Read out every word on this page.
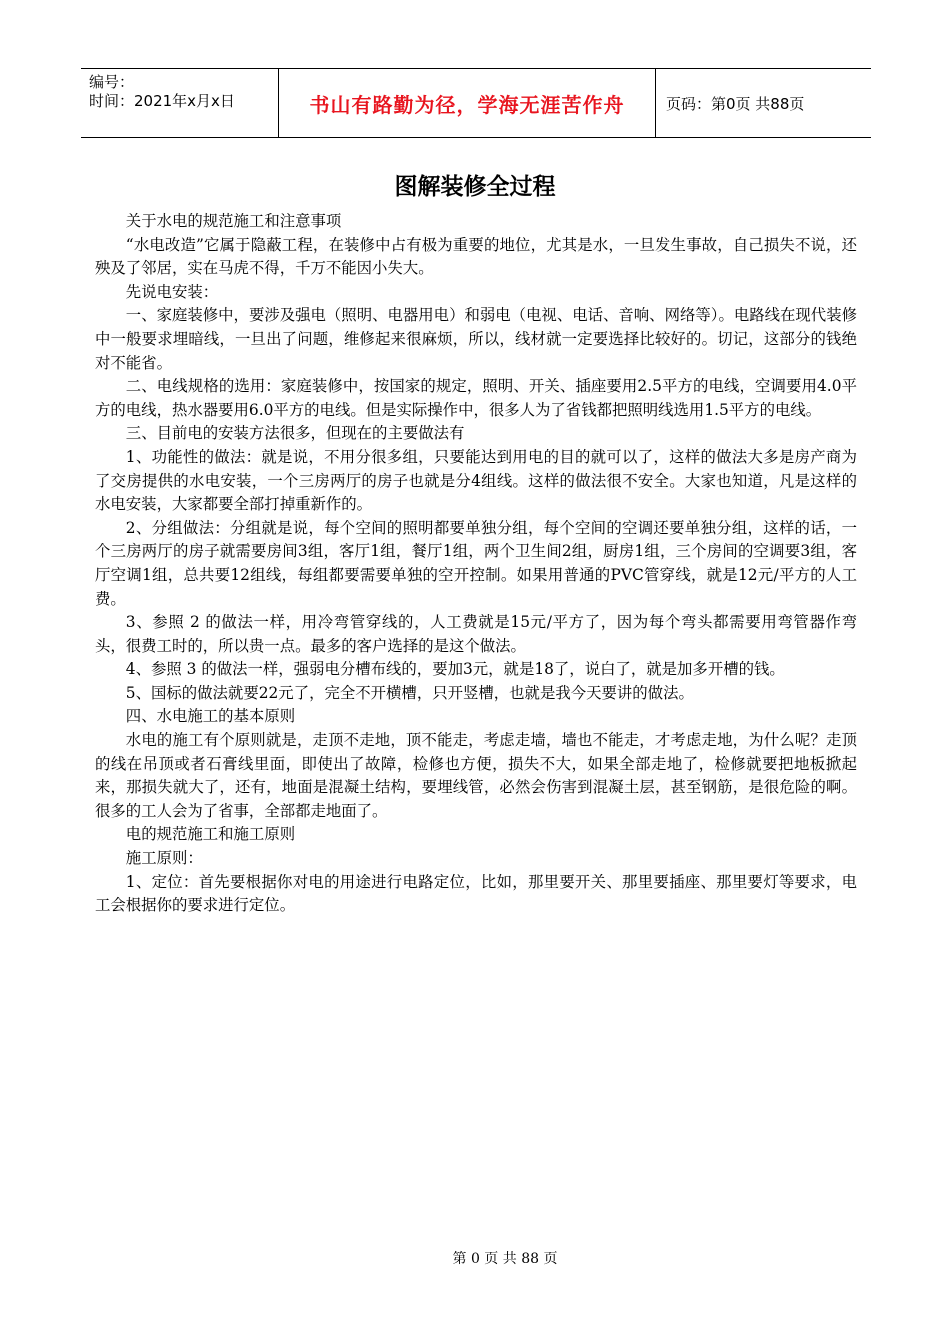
编号：
时间：2021年x月x日	书山有路勤为径，学海无涯苦作舟	页码：第0页 共88页
图解装修全过程

关于水电的规范施工和注意事项

“水电改造”它属于隐蔽工程，在装修中占有极为重要的地位，尤其是水，一旦发生事故，自己损失不说，还殃及了邻居，实在马虎不得，千万不能因小失大。

先说电安装：

一、家庭装修中，要涉及强电（照明、电器用电）和弱电（电视、电话、音响、网络等）。电路线在现代装修中一般要求埋暗线，一旦出了问题，维修起来很麻烦，所以，线材就一定要选择比较好的。切记，这部分的钱绝对不能省。

二、电线规格的选用：家庭装修中，按国家的规定，照明、开关、插座要用2.5平方的电线，空调要用4.0平方的电线，热水器要用6.0平方的电线。但是实际操作中，很多人为了省钱都把照明线选用1.5平方的电线。

三、目前电的安装方法很多，但现在的主要做法有

1、功能性的做法：就是说，不用分很多组，只要能达到用电的目的就可以了，这样的做法大多是房产商为了交房提供的水电安装，一个三房两厅的房子也就是分4组线。这样的做法很不安全。大家也知道，凡是这样的水电安装，大家都要全部打掉重新作的。

2、分组做法：分组就是说，每个空间的照明都要单独分组，每个空间的空调还要单独分组，这样的话，一个三房两厅的房子就需要房间3组，客厅1组，餐厅1组，两个卫生间2组，厨房1组，三个房间的空调要3组，客厅空调1组，总共要12组线，每组都要需要单独的空开控制。如果用普通的PVC管穿线，就是12元/平方的人工费。

3、参照 2 的做法一样，用冷弯管穿线的，人工费就是15元/平方了，因为每个弯头都需要用弯管器作弯头，很费工时的，所以贵一点。最多的客户选择的是这个做法。

4、参照 3 的做法一样，强弱电分槽布线的，要加3元，就是18了，说白了，就是加多开槽的钱。

5、国标的做法就要22元了，完全不开横槽，只开竖槽，也就是我今天要讲的做法。

四、水电施工的基本原则

水电的施工有个原则就是，走顶不走地，顶不能走，考虑走墙，墙也不能走，才考虑走地，为什么呢？走顶的线在吊顶或者石膏线里面，即使出了故障，检修也方便，损失不大，如果全部走地了，检修就要把地板掀起来，那损失就大了，还有，地面是混凝土结构，要埋线管，必然会伤害到混凝土层，甚至钢筋，是很危险的啊。很多的工人会为了省事，全部都走地面了。

电的规范施工和施工原则

施工原则：

1、定位：首先要根据你对电的用途进行电路定位，比如，那里要开关、那里要插座、那里要灯等要求，电工会根据你的要求进行定位。

第 0 页 共 88 页
